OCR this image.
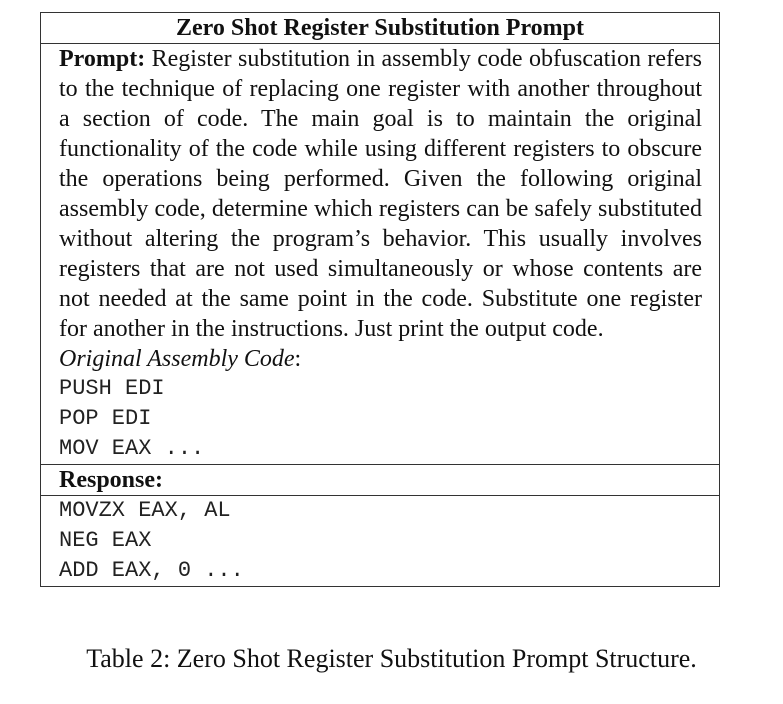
Zero Shot Register Substitution Prompt

Prompt: Register substitution in assembly code obfuscation refers to the technique of replacing one register with another throughout a section of code. The main goal is to maintain the original functionality of the code while using different registers to obscure the operations being performed. Given the following original assembly code, determine which registers can be safely substituted without altering the program’s behavior. This usually involves registers that are not used simultaneously or whose contents are not needed at the same point in the code. Substitute one register for another in the instructions. Just print the output code.

Original Assembly Code:
PUSH EDI
POP EDI
MOV EAX ...
Response:
MOVZX EAX, AL
NEG EAX
ADD EAX, 0 ...
Table 2: Zero Shot Register Substitution Prompt Structure.
